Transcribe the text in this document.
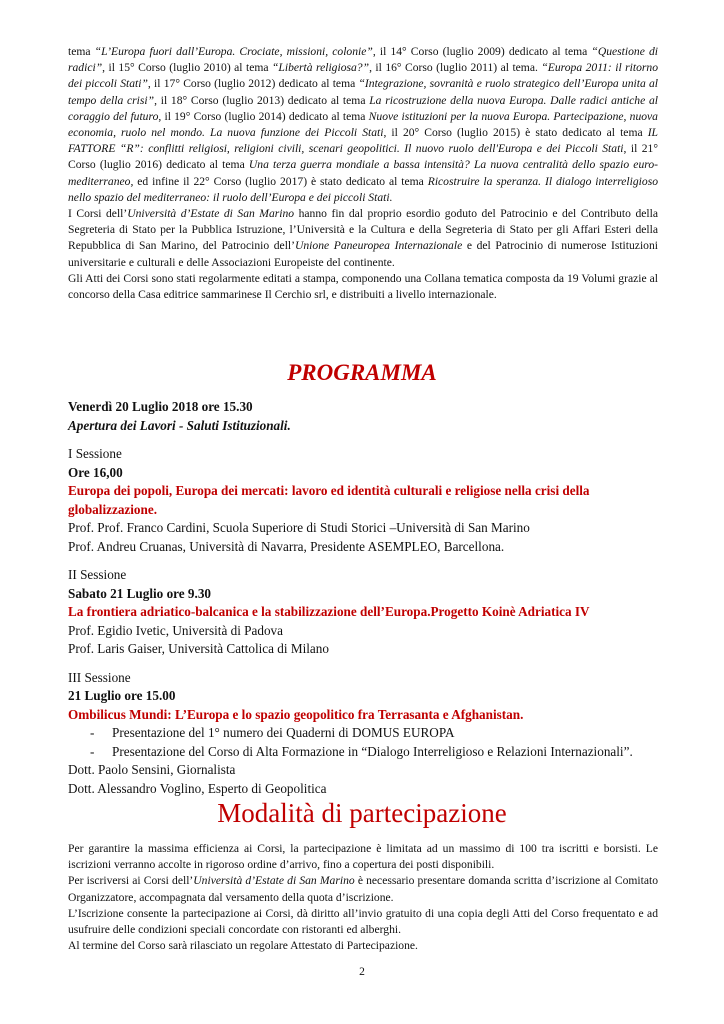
tema “L’Europa fuori dall’Europa. Crociate, missioni, colonie”, il 14° Corso (luglio 2009) dedicato al tema “Questione di radici”, il 15° Corso (luglio 2010) al tema “Libertà religiosa?”, il 16° Corso (luglio 2011) al tema. “Europa 2011: il ritorno dei piccoli Stati”, il 17° Corso (luglio 2012) dedicato al tema “Integrazione, sovranità e ruolo strategico dell’Europa unita al tempo della crisi”, il 18° Corso (luglio 2013) dedicato al tema La ricostruzione della nuova Europa. Dalle radici antiche al coraggio del futuro, il 19° Corso (luglio 2014) dedicato al tema Nuove istituzioni per la nuova Europa. Partecipazione, nuova economia, ruolo nel mondo. La nuova funzione dei Piccoli Stati, il 20° Corso (luglio 2015) è stato dedicato al tema IL FATTORE “R”: conflitti religiosi, religioni civili, scenari geopolitici. Il nuovo ruolo dell'Europa e dei Piccoli Stati, il 21° Corso (luglio 2016) dedicato al tema Una terza guerra mondiale a bassa intensità? La nuova centralità dello spazio euro-mediterraneo, ed infine il 22° Corso (luglio 2017) è stato dedicato al tema Ricostruire la speranza. Il dialogo interreligioso nello spazio del mediterraneo: il ruolo dell’Europa e dei piccoli Stati.

I Corsi dell’Università d’Estate di San Marino hanno fin dal proprio esordio goduto del Patrocinio e del Contributo della Segreteria di Stato per la Pubblica Istruzione, l’Università e la Cultura e della Segreteria di Stato per gli Affari Esteri della Repubblica di San Marino, del Patrocinio dell’Unione Paneuropea Internazionale e del Patrocinio di numerose Istituzioni universitarie e culturali e delle Associazioni Europeiste del continente.

Gli Atti dei Corsi sono stati regolarmente editati a stampa, componendo una Collana tematica composta da 19 Volumi grazie al concorso della Casa editrice sammarinese Il Cerchio srl, e distribuiti a livello internazionale.

PROGRAMMA

Venerdì 20 Luglio 2018 ore 15.30

Apertura dei Lavori - Saluti Istituzionali.

I Sessione

Ore 16,00

Europa dei popoli, Europa dei mercati: lavoro ed identità culturali e religiose nella crisi della globalizzazione.

Prof. Prof. Franco Cardini, Scuola Superiore di Studi Storici –Università di San Marino

Prof. Andreu Cruanas, Università di Navarra, Presidente ASEMPLEO, Barcellona.

II Sessione

Sabato 21 Luglio ore 9.30

La frontiera adriatico-balcanica e la stabilizzazione dell’Europa.Progetto Koinè Adriatica IV

Prof. Egidio Ivetic, Università di Padova

Prof. Laris Gaiser, Università Cattolica di Milano

III Sessione

21 Luglio ore 15.00

Ombilicus Mundi: L’Europa e lo spazio geopolitico fra Terrasanta e Afghanistan.

- Presentazione del 1° numero dei Quaderni di DOMUS EUROPA
- Presentazione del Corso di Alta Formazione in “Dialogo Interreligioso e Relazioni Internazionali”.

Dott. Paolo Sensini, Giornalista

Dott. Alessandro Voglino, Esperto di Geopolitica

Modalità di partecipazione

Per garantire la massima efficienza ai Corsi, la partecipazione è limitata ad un massimo di 100 tra iscritti e borsisti. Le iscrizioni verranno accolte in rigoroso ordine d’arrivo, fino a copertura dei posti disponibili.

Per iscriversi ai Corsi dell’Università d’Estate di San Marino è necessario presentare domanda scritta d’iscrizione al Comitato Organizzatore, accompagnata dal versamento della quota d’iscrizione.

L’Iscrizione consente la partecipazione ai Corsi, dà diritto all’invio gratuito di una copia degli Atti del Corso frequentato e ad usufruire delle condizioni speciali concordate con ristoranti ed alberghi.

Al termine del Corso sarà rilasciato un regolare Attestato di Partecipazione.

2
